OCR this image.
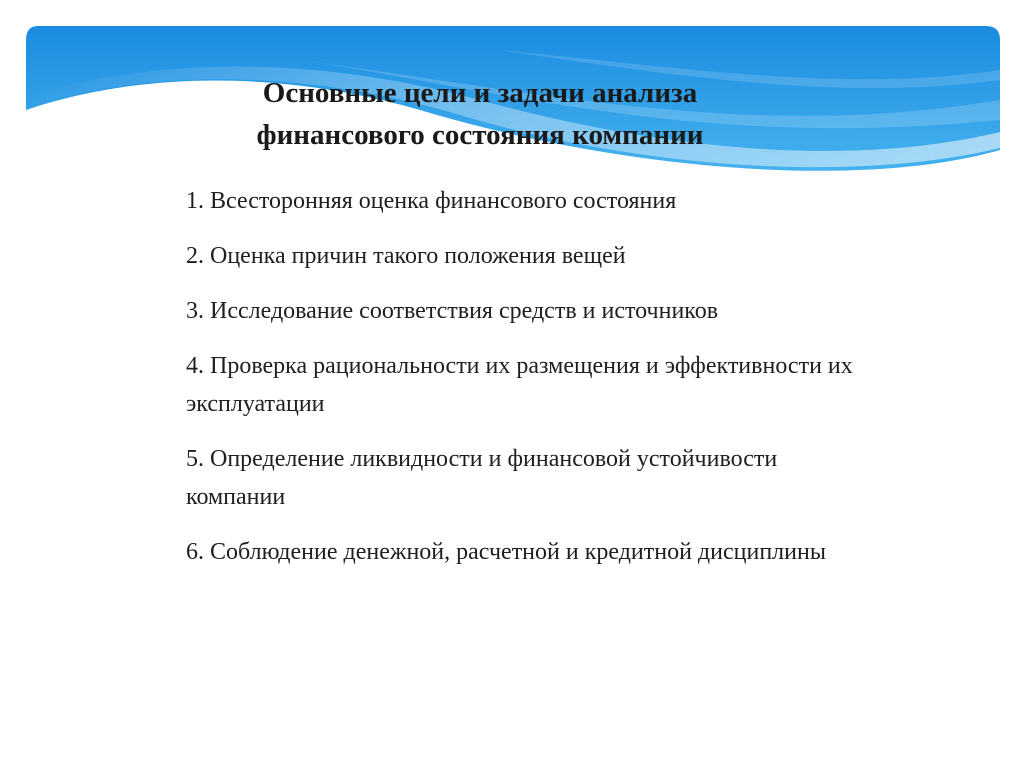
Основные цели и задачи анализа
финансового состояния компании
1. Всесторонняя оценка финансового состояния
2. Оценка причин такого положения вещей
3. Исследование соответствия средств и источников
4. Проверка рациональности их размещения и эффективности их эксплуатации
5. Определение ликвидности и финансовой устойчивости компании
6. Соблюдение денежной, расчетной и кредитной дисциплины
